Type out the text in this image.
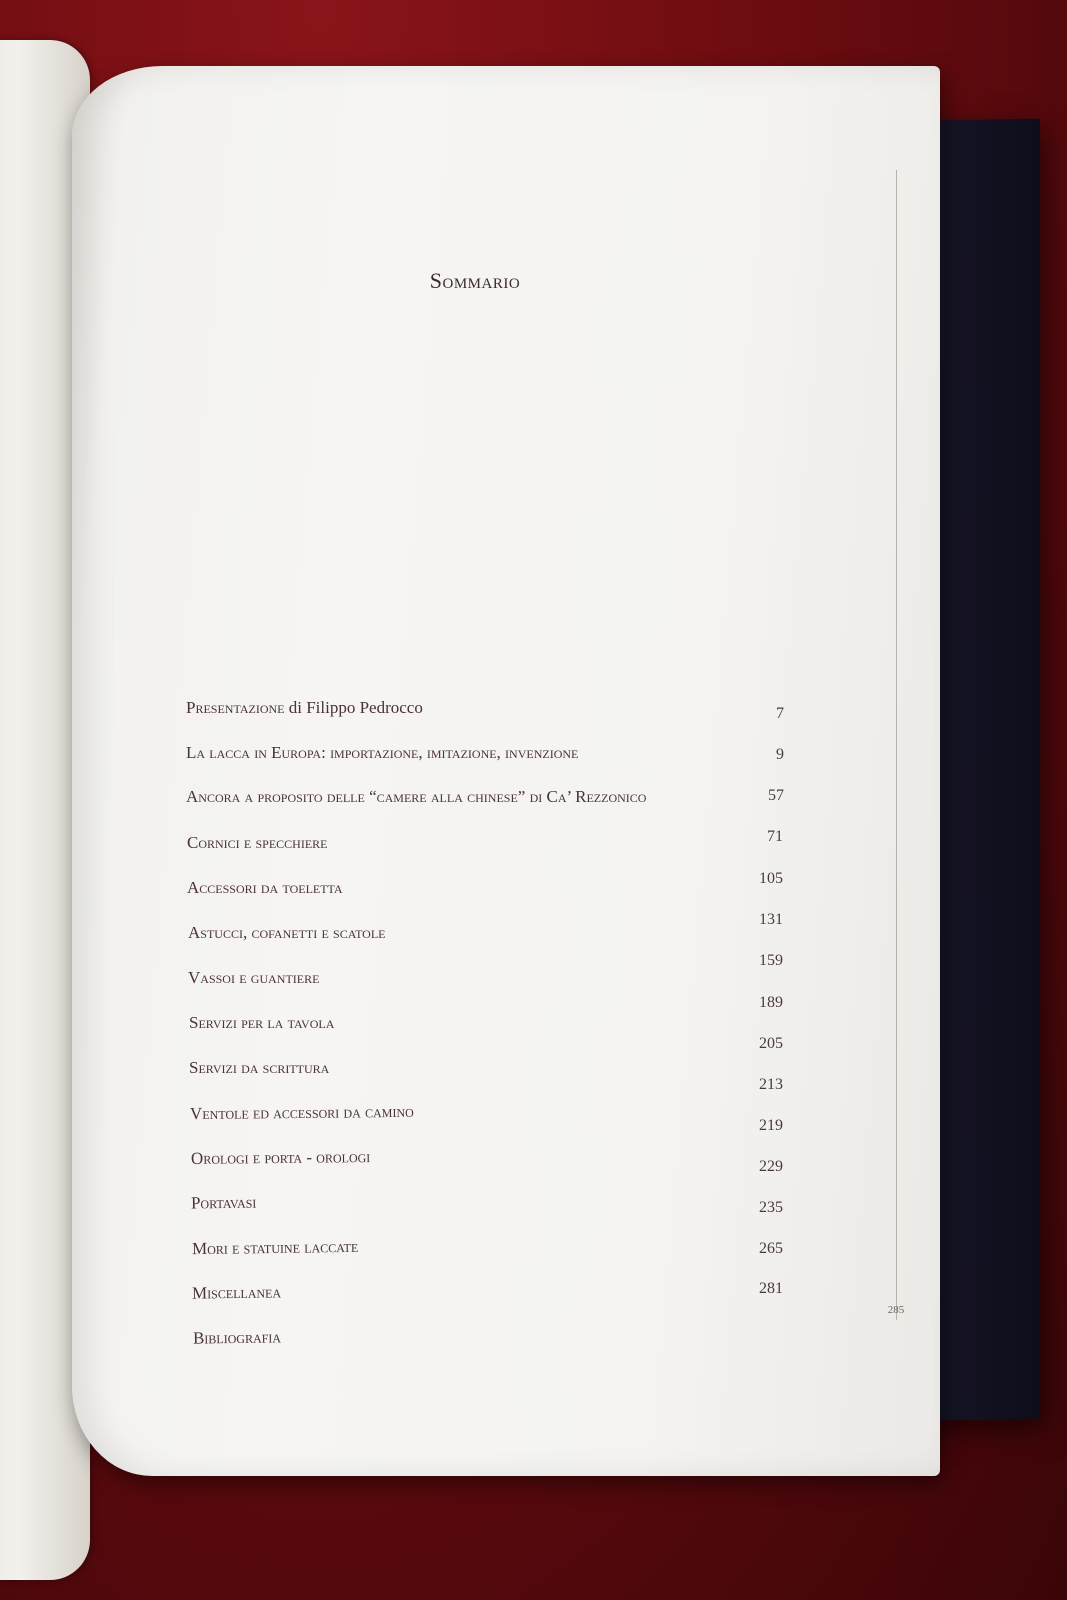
Sommario
Presentazione di Filippo Pedrocco
La lacca in Europa: importazione, imitazione, invenzione
Ancora a proposito delle “camere alla chinese” di Ca’ Rezzonico
Cornici e specchiere
Accessori da toeletta
Astucci, cofanetti e scatole
Vassoi e guantiere
Servizi per la tavola
Servizi da scrittura
Ventole ed accessori da camino
Orologi e porta - orologi
Portavasi
Mori e statuine laccate
Miscellanea
Bibliografia
7
9
57
71
105
131
159
189
205
213
219
229
235
265
281
285
